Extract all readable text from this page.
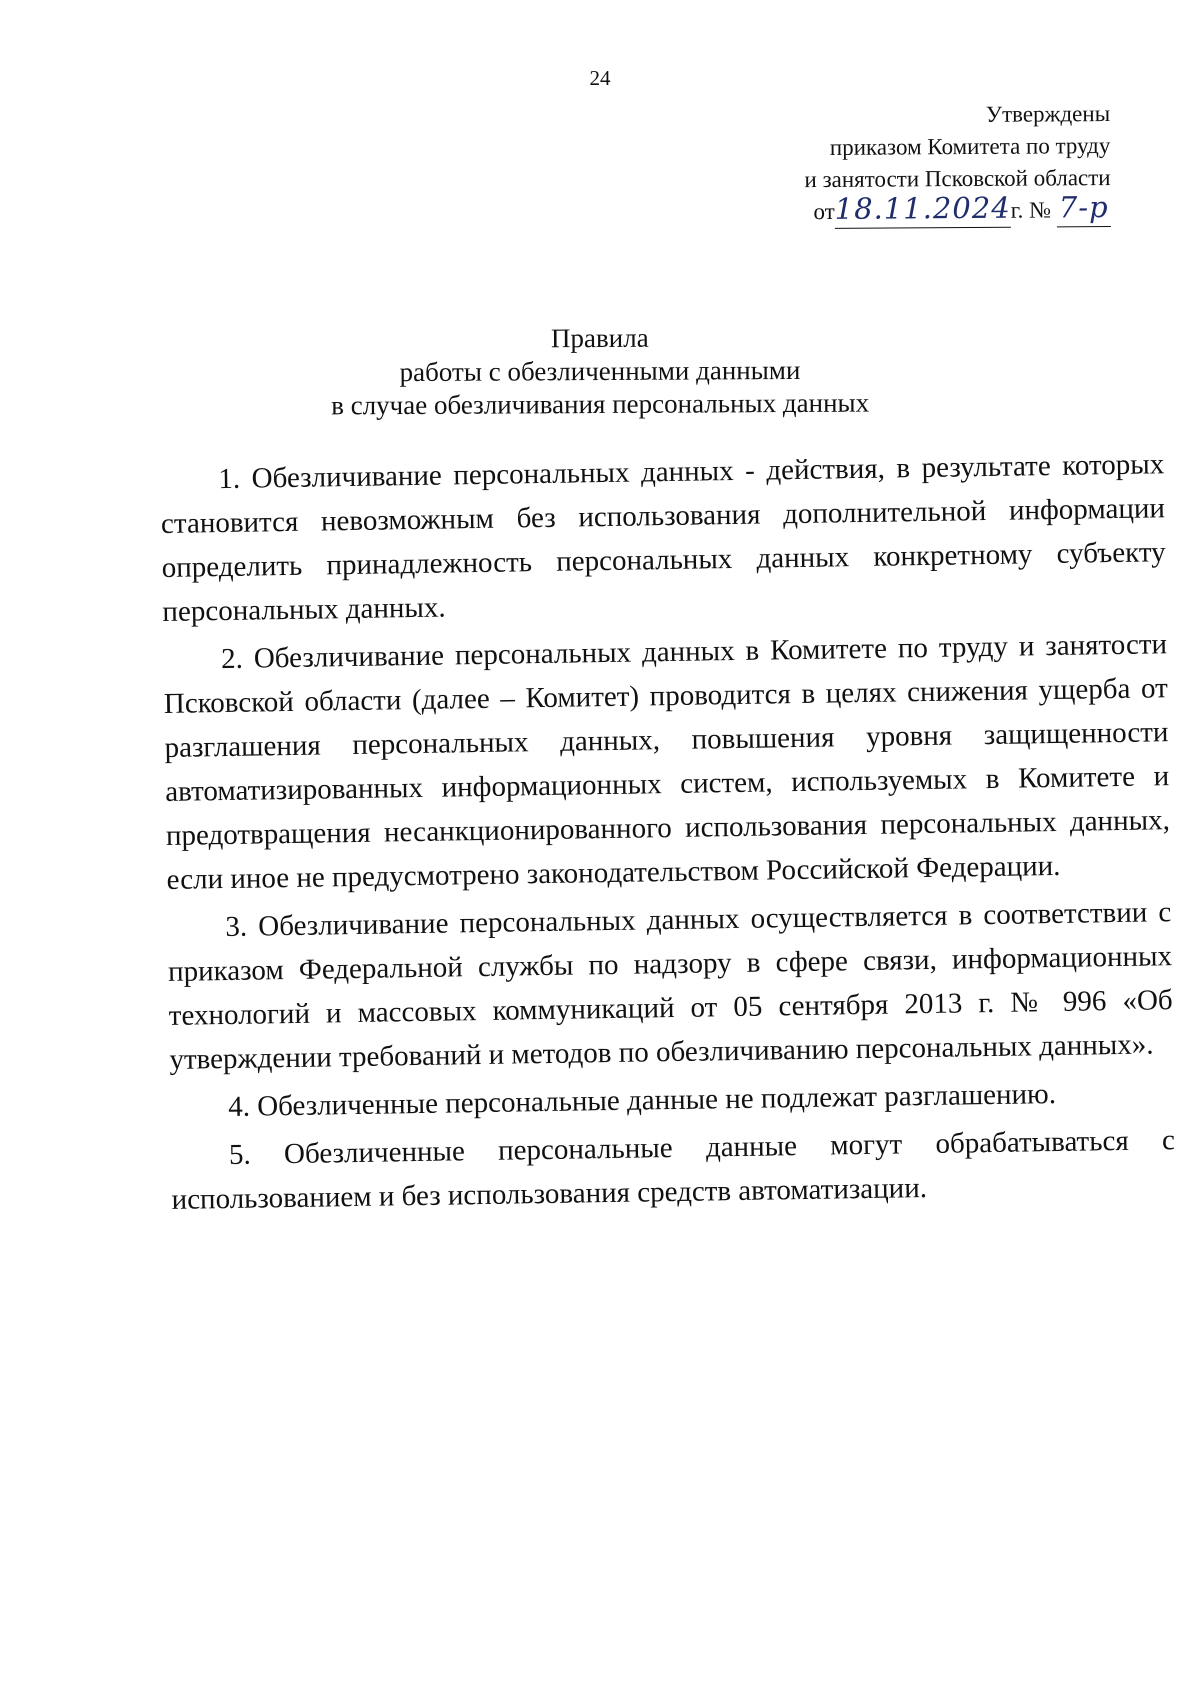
24
Утверждены
приказом Комитета по труду
и занятости Псковской области
от18.11.2024г. № 7-р
Правила
работы с обезличенными данными
в случае обезличивания персональных данных

1. Обезличивание персональных данных - действия, в результате которых становится невозможным без использования дополнительной информации определить принадлежность персональных данных конкретному субъекту персональных данных.

2. Обезличивание персональных данных в Комитете по труду и занятости Псковской области (далее – Комитет) проводится в целях снижения ущерба от разглашения персональных данных, повышения уровня защищенности автоматизированных информационных систем, используемых в Комитете и предотвращения несанкционированного использования персональных данных, если иное не предусмотрено законодательством Российской Федерации.

3. Обезличивание персональных данных осуществляется в соответствии с приказом Федеральной службы по надзору в сфере связи, информационных технологий и массовых коммуникаций от 05 сентября 2013 г. № 996 «Об утверждении требований и методов по обезличиванию персональных данных».

4. Обезличенные персональные данные не подлежат разглашению.

5. Обезличенные персональные данные могут обрабатываться с использованием и без использования средств автоматизации.
